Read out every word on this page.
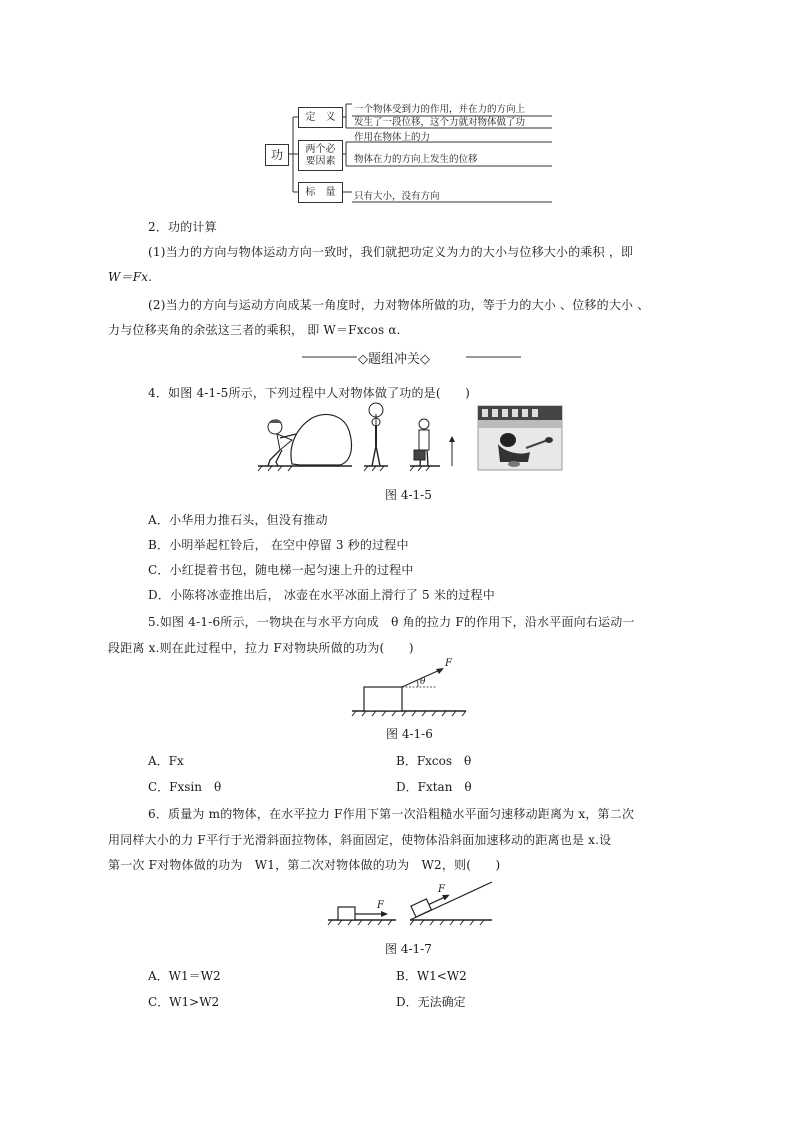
功
定　义
两个必
要因素
标　量
一个物体受到力的作用，并在力的方向上
发生了一段位移，这个力就对物体做了功
作用在物体上的力
物体在力的方向上发生的位移
只有大小，没有方向
2．功的计算
(1)当力的方向与物体运动方向一致时，我们就把功定义为力的大小与位移大小的乘积 ，即
W＝Fx.
(2)当力的方向与运动方向成某一角度时，力对物体所做的功，等于力的大小 、位移的大小 、
力与位移夹角的余弦这三者的乘积， 即 W＝Fxcos α.
◇题组冲关◇
4．如图 4-1-5所示，下列过程中人对物体做了功的是(　　)
图 4-1-5
A．小华用力推石头，但没有推动
B．小明举起杠铃后， 在空中停留 3 秒的过程中
C．小红提着书包，随电梯一起匀速上升的过程中
D．小陈将冰壶推出后， 冰壶在水平冰面上滑行了 5 米的过程中
5.如图 4-1-6所示，一物块在与水平方向成　θ 角的拉力 F的作用下，沿水平面向右运动一
段距离 x.则在此过程中，拉力 F对物块所做的功为(　　)
F
θ
图 4-1-6
A．Fx	B．Fxcos　θ
C．Fxsin　θ	D．Fxtan　θ
6．质量为 m的物体，在水平拉力 F作用下第一次沿粗糙水平面匀速移动距离为 x，第二次
用同样大小的力 F平行于光滑斜面拉物体，斜面固定，使物体沿斜面加速移动的距离也是 x.设
第一次 F对物体做的功为　W1，第二次对物体做的功为　W2，则(　　)
F
F
图 4-1-7
A．W1＝W2	B．W1<W2
C．W1>W2	D．无法确定
